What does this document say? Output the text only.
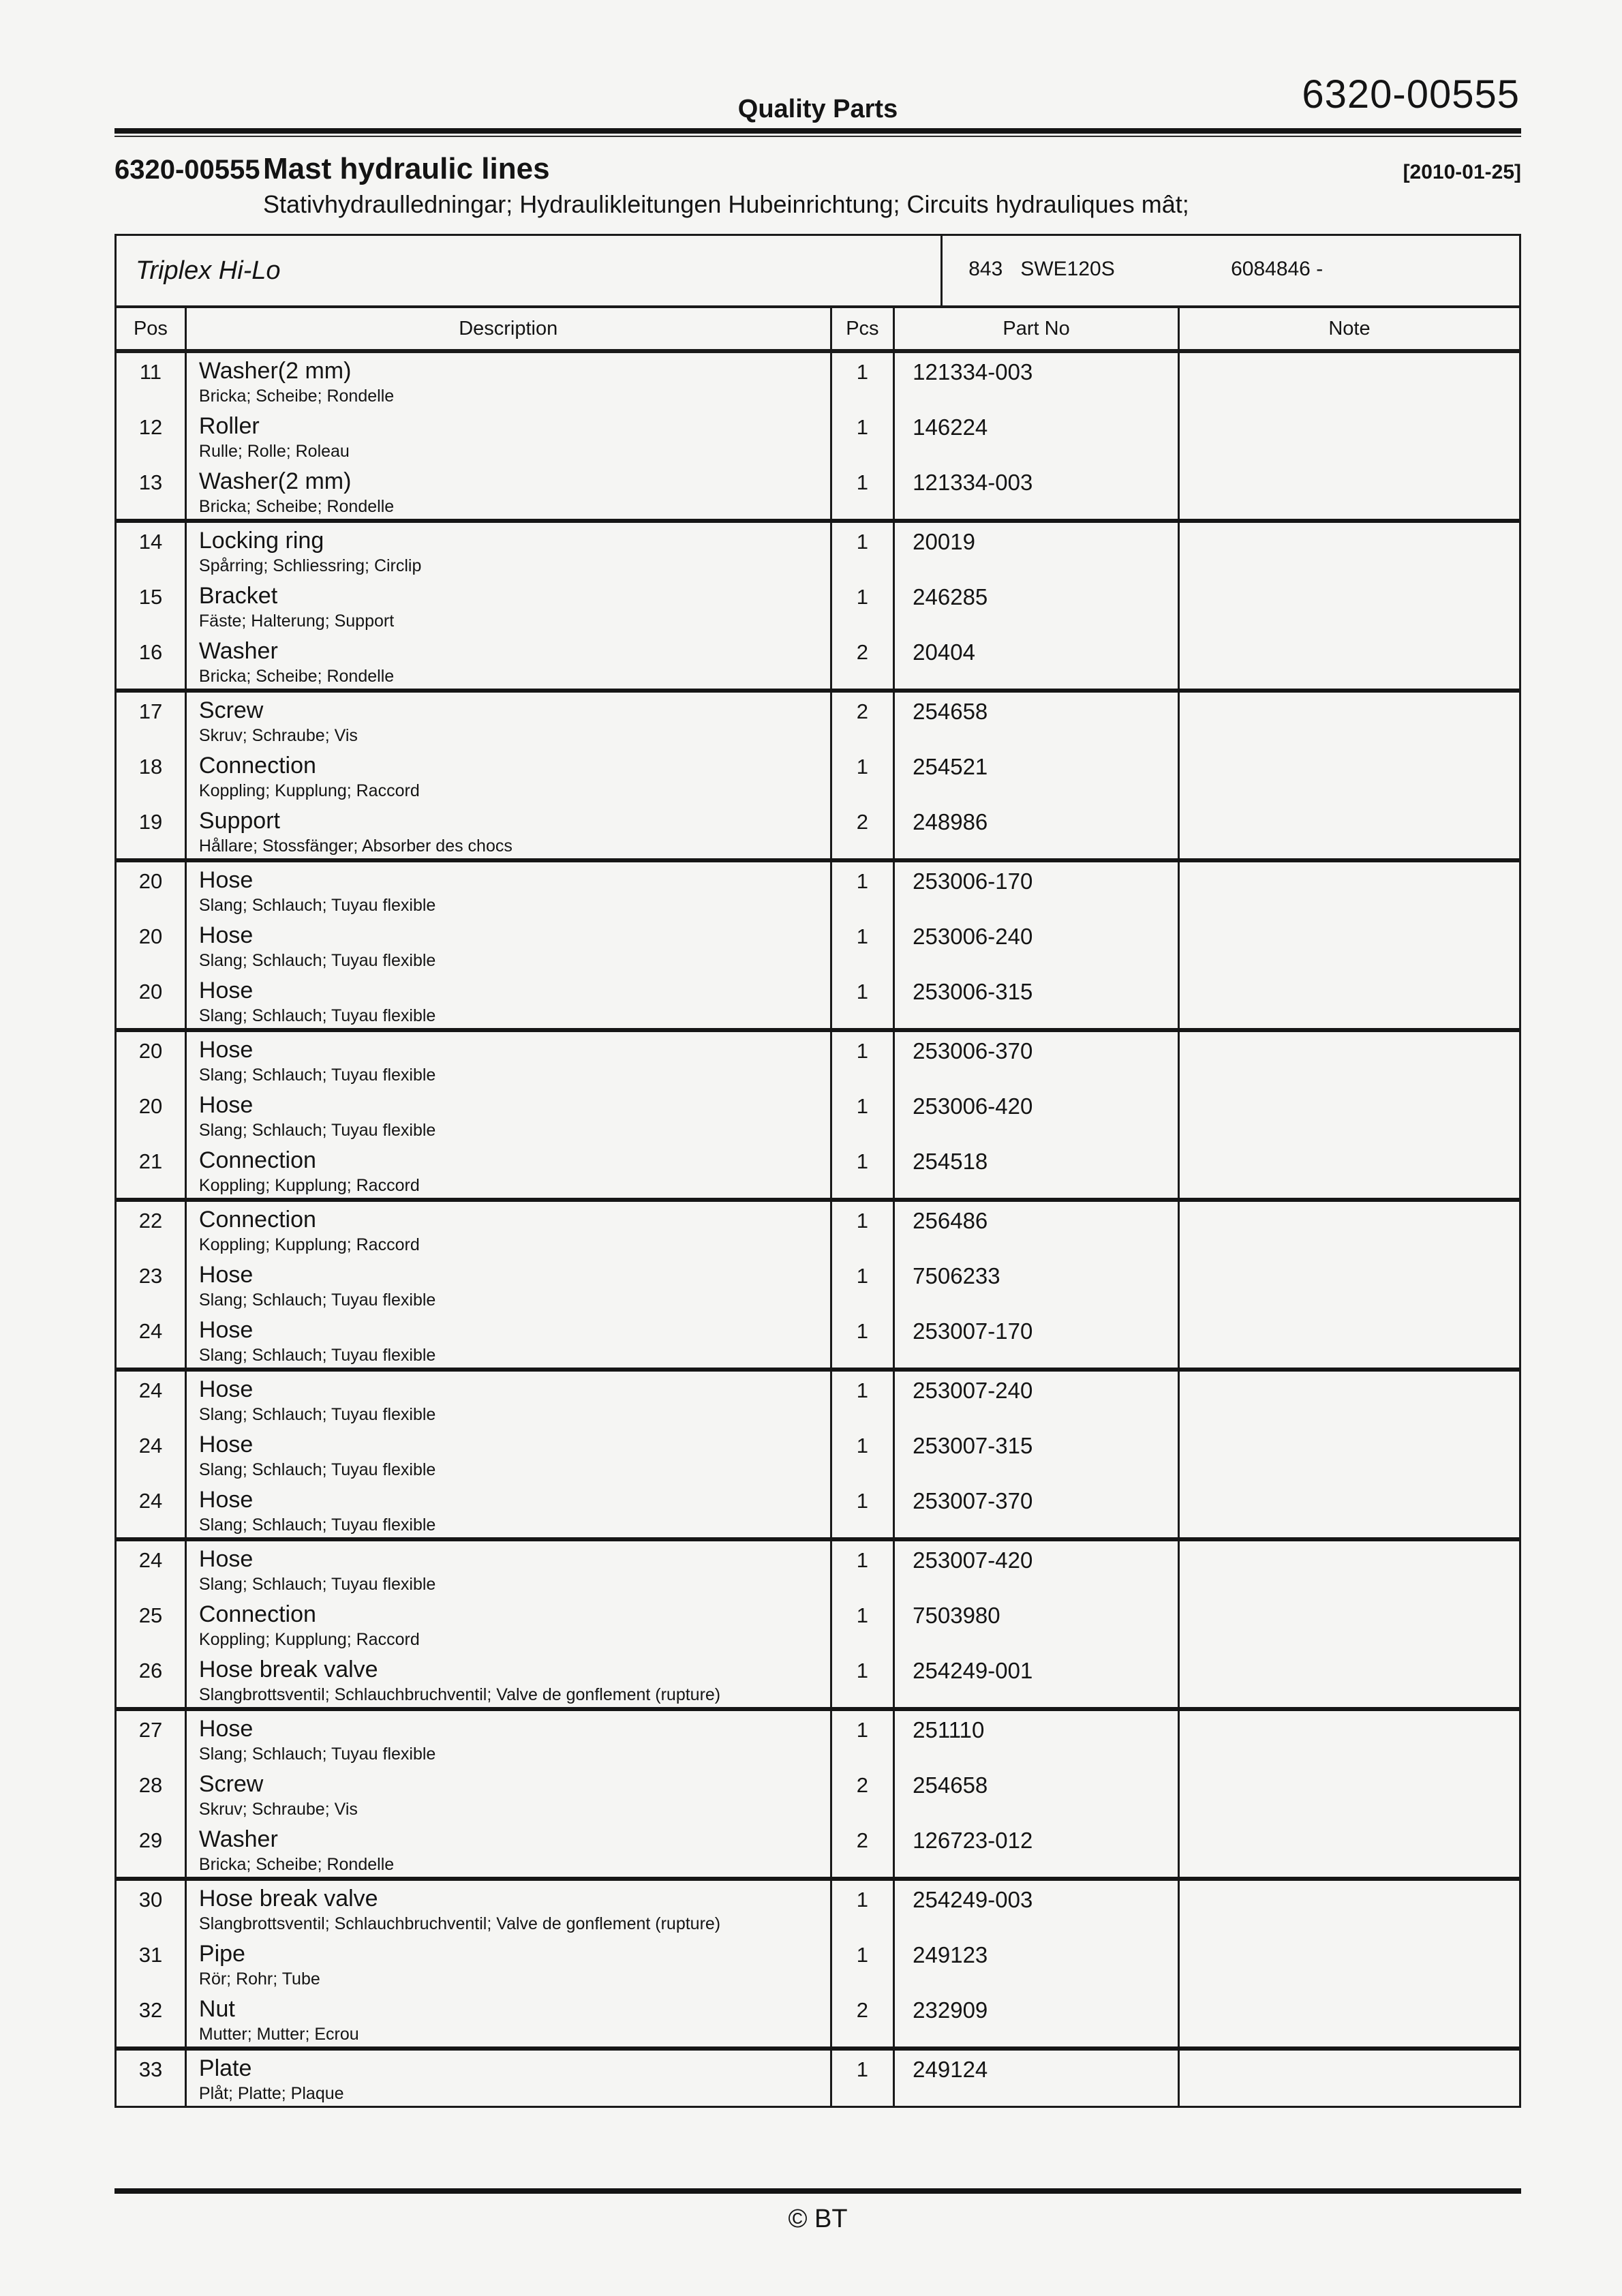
6320-00555
Quality Parts
6320-00555 Mast hydraulic lines	[2010-01-25]
Stativhydraulledningar; Hydraulikleitungen Hubeinrichtung; Circuits hydrauliques mât;
Triplex Hi-Lo	843 SWE120S	6084846 -
Pos	Description	Pcs	Part No	Note
11	Washer(2 mm)
Bricka; Scheibe; Rondelle
1	121334-003
12	Roller
Rulle; Rolle; Roleau
1	146224
13	Washer(2 mm)
Bricka; Scheibe; Rondelle
1	121334-003
14	Locking ring
Spårring; Schliessring; Circlip
1	20019
15	Bracket
Fäste; Halterung; Support
1	246285
16	Washer
Bricka; Scheibe; Rondelle
2	20404
17	Screw
Skruv; Schraube; Vis
2	254658
18	Connection
Koppling; Kupplung; Raccord
1	254521
19	Support
Hållare; Stossfänger; Absorber des chocs
2	248986
20	Hose
Slang; Schlauch; Tuyau flexible
1	253006-170
20	Hose
Slang; Schlauch; Tuyau flexible
1	253006-240
20	Hose
Slang; Schlauch; Tuyau flexible
1	253006-315
20	Hose
Slang; Schlauch; Tuyau flexible
1	253006-370
20	Hose
Slang; Schlauch; Tuyau flexible
1	253006-420
21	Connection
Koppling; Kupplung; Raccord
1	254518
22	Connection
Koppling; Kupplung; Raccord
1	256486
23	Hose
Slang; Schlauch; Tuyau flexible
1	7506233
24	Hose
Slang; Schlauch; Tuyau flexible
1	253007-170
24	Hose
Slang; Schlauch; Tuyau flexible
1	253007-240
24	Hose
Slang; Schlauch; Tuyau flexible
1	253007-315
24	Hose
Slang; Schlauch; Tuyau flexible
1	253007-370
24	Hose
Slang; Schlauch; Tuyau flexible
1	253007-420
25	Connection
Koppling; Kupplung; Raccord
1	7503980
26	Hose break valve
Slangbrottsventil; Schlauchbruchventil; Valve de gonflement (rupture)
1	254249-001
27	Hose
Slang; Schlauch; Tuyau flexible
1	251110
28	Screw
Skruv; Schraube; Vis
2	254658
29	Washer
Bricka; Scheibe; Rondelle
2	126723-012
30	Hose break valve
Slangbrottsventil; Schlauchbruchventil; Valve de gonflement (rupture)
1	254249-003
31	Pipe
Rör; Rohr; Tube
1	249123
32	Nut
Mutter; Mutter; Ecrou
2	232909
33	Plate
Plåt; Platte; Plaque
1	249124
© BT
